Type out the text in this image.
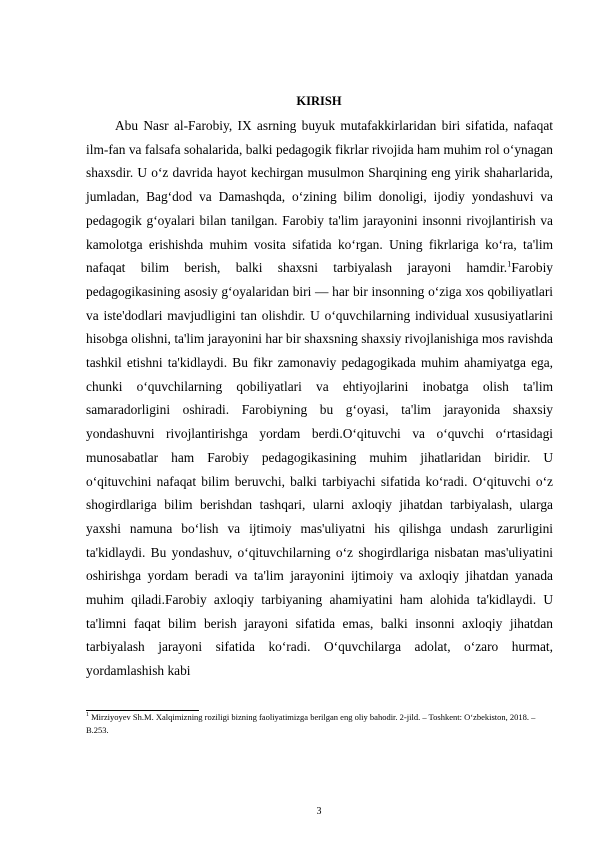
KIRISH

Abu Nasr al-Farobiy, IX asrning buyuk mutafakkirlaridan biri sifatida, nafaqat ilm-fan va falsafa sohalarida, balki pedagogik fikrlar rivojida ham muhim rol o‘ynagan shaxsdir. U o‘z davrida hayot kechirgan musulmon Sharqining eng yirik shaharlarida, jumladan, Bag‘dod va Damashqda, o‘zining bilim donoligi, ijodiy yondashuvi va pedagogik g‘oyalari bilan tanilgan. Farobiy ta'lim jarayonini insonni rivojlantirish va kamolotga erishishda muhim vosita sifatida ko‘rgan. Uning fikrlariga ko‘ra, ta'lim nafaqat bilim berish, balki shaxsni tarbiyalash jarayoni hamdir.$^1$Farobiy pedagogikasining asosiy g‘oyalaridan biri — har bir insonning o‘ziga xos qobiliyatlari va iste'dodlari mavjudligini tan olishdir. U o‘quvchilarning individual xususiyatlarini hisobga olishni, ta'lim jarayonini har bir shaxsning shaxsiy rivojlanishiga mos ravishda tashkil etishni ta'kidlaydi. Bu fikr zamonaviy pedagogikada muhim ahamiyatga ega, chunki o‘quvchilarning qobiliyatlari va ehtiyojlarini inobatga olish ta'lim samaradorligini oshiradi. Farobiyning bu g‘oyasi, ta'lim jarayonida shaxsiy yondashuvni rivojlantirishga yordam berdi.O‘qituvchi va o‘quvchi o‘rtasidagi munosabatlar ham Farobiy pedagogikasining muhim jihatlaridan biridir. U o‘qituvchini nafaqat bilim beruvchi, balki tarbiyachi sifatida ko‘radi. O‘qituvchi o‘z shogirdlariga bilim berishdan tashqari, ularni axloqiy jihatdan tarbiyalash, ularga yaxshi namuna bo‘lish va ijtimoiy mas'uliyatni his qilishga undash zarurligini ta'kidlaydi. Bu yondashuv, o‘qituvchilarning o‘z shogirdlariga nisbatan mas'uliyatini oshirishga yordam beradi va ta'lim jarayonini ijtimoiy va axloqiy jihatdan yanada muhim qiladi.Farobiy axloqiy tarbiyaning ahamiyatini ham alohida ta'kidlaydi. U ta'limni faqat bilim berish jarayoni sifatida emas, balki insonni axloqiy jihatdan tarbiyalash jarayoni sifatida ko‘radi. O‘quvchilarga adolat, o‘zaro hurmat, yordamlashish kabi

$^1$ Mirziyoyev Sh.M. Xalqimizning roziligi bizning faoliyatimizga berilgan eng oliy bahodir. 2-jild. – Toshkent: O‘zbekiston, 2018. – B.253.
3
